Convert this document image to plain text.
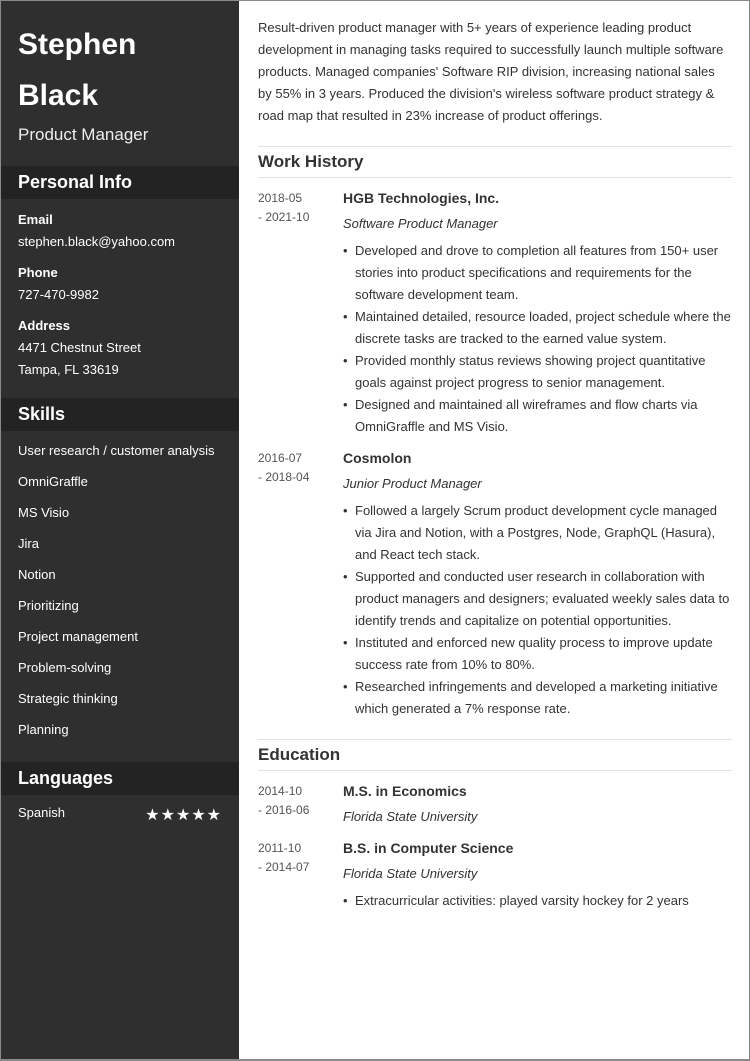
Stephen
Black
Product Manager
Personal Info
Email
stephen.black@yahoo.com
Phone
727-470-9982
Address
4471 Chestnut Street
Tampa, FL 33619
Skills
User research / customer analysis
OmniGraffle
MS Visio
Jira
Notion
Prioritizing
Project management
Problem-solving
Strategic thinking
Planning
Languages
Spanish	★★★★★
Result-driven product manager with 5+ years of experience leading product development in managing tasks required to successfully launch multiple software products. Managed companies' Software RIP division, increasing national sales by 55% in 3 years. Produced the division's wireless software product strategy & road map that resulted in 23% increase of product offerings.
Work History
2018-05
- 2021-10
HGB Technologies, Inc.
Software Product Manager
• Developed and drove to completion all features from 150+ user stories into product specifications and requirements for the software development team.
• Maintained detailed, resource loaded, project schedule where the discrete tasks are tracked to the earned value system.
• Provided monthly status reviews showing project quantitative goals against project progress to senior management.
• Designed and maintained all wireframes and flow charts via OmniGraffle and MS Visio.
2016-07
- 2018-04
Cosmolon
Junior Product Manager
• Followed a largely Scrum product development cycle managed via Jira and Notion, with a Postgres, Node, GraphQL (Hasura), and React tech stack.
• Supported and conducted user research in collaboration with product managers and designers; evaluated weekly sales data to identify trends and capitalize on potential opportunities.
• Instituted and enforced new quality process to improve update success rate from 10% to 80%.
• Researched infringements and developed a marketing initiative which generated a 7% response rate.
Education
2014-10
- 2016-06
M.S. in Economics
Florida State University
2011-10
- 2014-07
B.S. in Computer Science
Florida State University
• Extracurricular activities: played varsity hockey for 2 years
